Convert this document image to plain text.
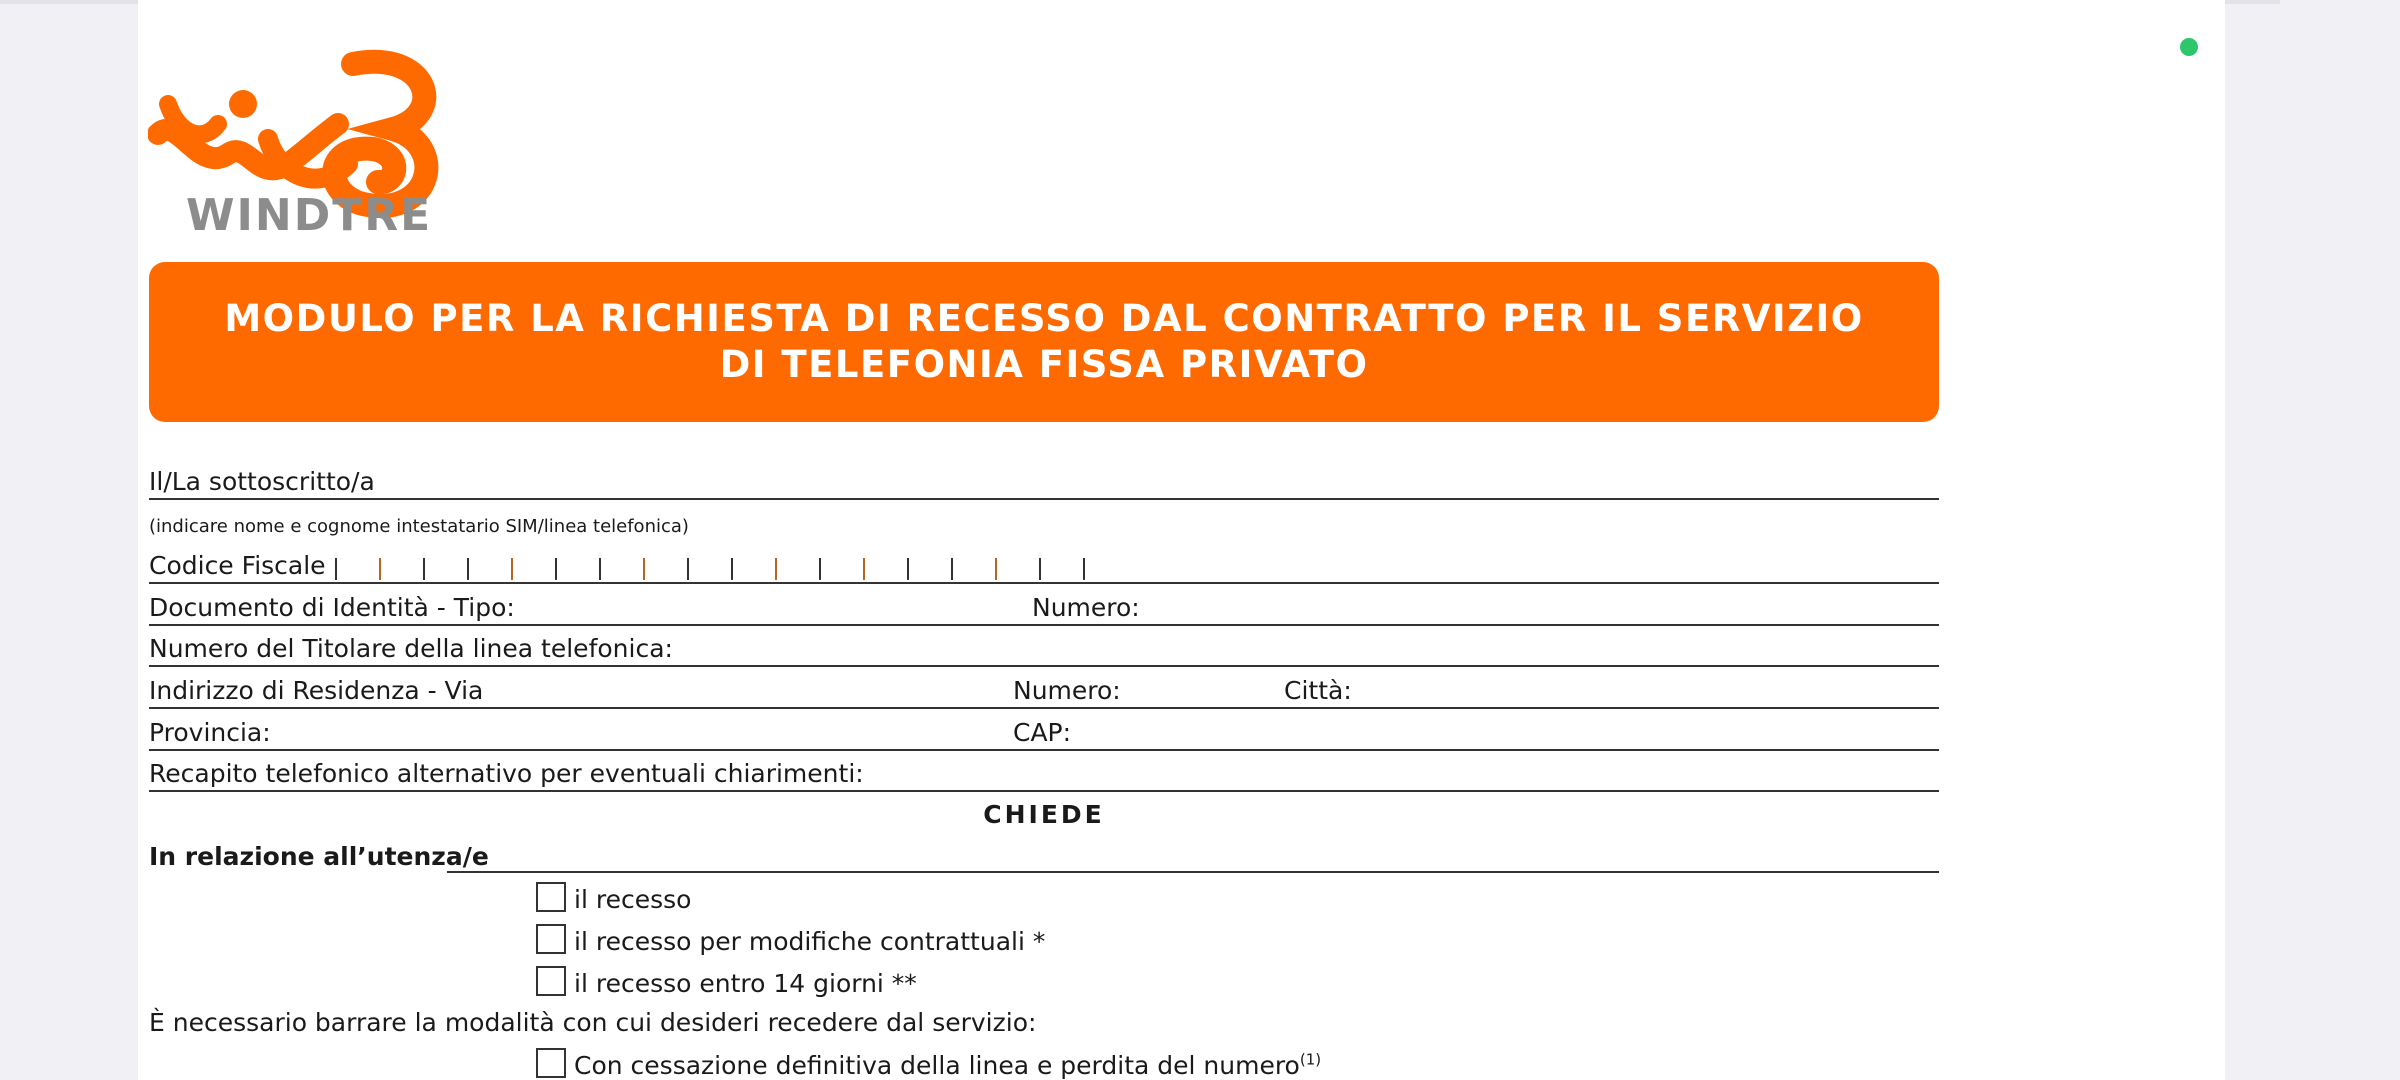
WINDTRE
MODULO PER LA RICHIESTA DI RECESSO DAL CONTRATTO PER IL SERVIZIO
DI TELEFONIA FISSA PRIVATO
Il/La sottoscritto/a
(indicare nome e cognome intestatario SIM/linea telefonica)
Codice Fiscale
Documento di Identità - Tipo:	Numero:
Numero del Titolare della linea telefonica:
Indirizzo di Residenza - Via	Numero:	Città:
Provincia:	CAP:
Recapito telefonico alternativo per eventuali chiarimenti:
CHIEDE
In relazione all’utenza/e
il recesso
il recesso per modifiche contrattuali *
il recesso entro 14 giorni **
È necessario barrare la modalità con cui desideri recedere dal servizio:
Con cessazione definitiva della linea e perdita del numero$^{(1)}$
